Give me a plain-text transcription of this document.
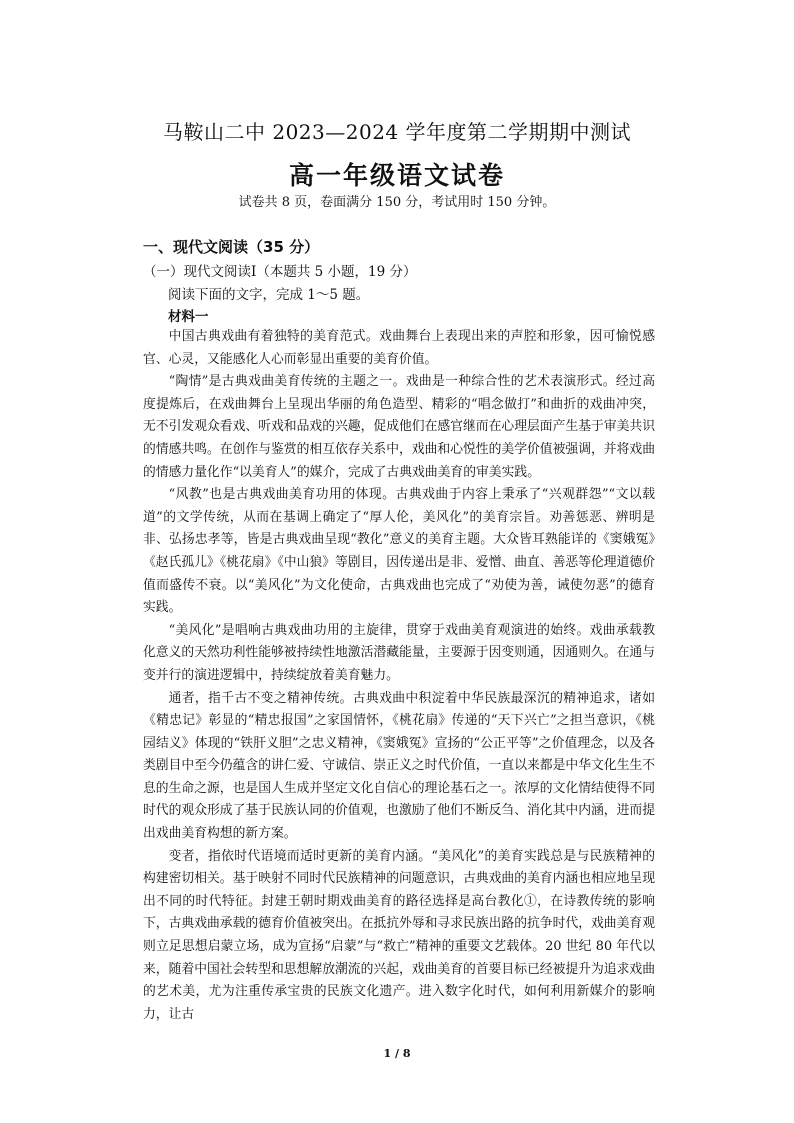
马鞍山二中 2023—2024 学年度第二学期期中测试
高一年级语文试卷
试卷共 8 页，卷面满分 150 分，考试用时 150 分钟。
一、现代文阅读（35 分）
（一）现代文阅读Ⅰ（本题共 5 小题，19 分）
阅读下面的文字，完成 1～5 题。
材料一

中国古典戏曲有着独特的美育范式。戏曲舞台上表现出来的声腔和形象，因可愉悦感官、心灵，又能感化人心而彰显出重要的美育价值。

“陶情”是古典戏曲美育传统的主题之一。戏曲是一种综合性的艺术表演形式。经过高度提炼后，在戏曲舞台上呈现出华丽的角色造型、精彩的“唱念做打”和曲折的戏曲冲突，无不引发观众看戏、听戏和品戏的兴趣，促成他们在感官继而在心理层面产生基于审美共识的情感共鸣。在创作与鉴赏的相互依存关系中，戏曲和心悦性的美学价值被强调，并将戏曲的情感力量化作“以美育人”的媒介，完成了古典戏曲美育的审美实践。

“风教”也是古典戏曲美育功用的体现。古典戏曲于内容上秉承了“兴观群怨”“文以载道”的文学传统，从而在基调上确定了“厚人伦，美风化”的美育宗旨。劝善惩恶、辨明是非、弘扬忠孝等，皆是古典戏曲呈现“教化”意义的美育主题。大众皆耳熟能详的《窦娥冤》《赵氏孤儿》《桃花扇》《中山狼》等剧目，因传递出是非、爱憎、曲直、善恶等伦理道德价值而盛传不衰。以“美风化”为文化使命，古典戏曲也完成了“劝使为善，诫使勿恶”的德育实践。

“美风化”是唱响古典戏曲功用的主旋律，贯穿于戏曲美育观演进的始终。戏曲承载教化意义的天然功利性能够被持续性地激活潜藏能量，主要源于因变则通，因通则久。在通与变并行的演进逻辑中，持续绽放着美育魅力。

通者，指千古不变之精神传统。古典戏曲中积淀着中华民族最深沉的精神追求，诸如《精忠记》彰显的“精忠报国”之家国情怀，《桃花扇》传递的“天下兴亡”之担当意识，《桃园结义》体现的“铁肝义胆”之忠义精神，《窦娥冤》宣扬的“公正平等”之价值理念，以及各类剧目中至今仍蕴含的讲仁爱、守诚信、崇正义之时代价值，一直以来都是中华文化生生不息的生命之源，也是国人生成并坚定文化自信心的理论基石之一。浓厚的文化情结使得不同时代的观众形成了基于民族认同的价值观，也激励了他们不断反刍、消化其中内涵，进而提出戏曲美育构想的新方案。

变者，指依时代语境而适时更新的美育内涵。“美风化”的美育实践总是与民族精神的构建密切相关。基于映射不同时代民族精神的问题意识，古典戏曲的美育内涵也相应地呈现出不同的时代特征。封建王朝时期戏曲美育的路径选择是高台教化①，在诗教传统的影响下，古典戏曲承载的德育价值被突出。在抵抗外辱和寻求民族出路的抗争时代，戏曲美育观则立足思想启蒙立场，成为宣扬“启蒙”与“救亡”精神的重要文艺载体。20 世纪 80 年代以来，随着中国社会转型和思想解放潮流的兴起，戏曲美育的首要目标已经被提升为追求戏曲的艺术美，尤为注重传承宝贵的民族文化遗产。进入数字化时代，如何利用新媒介的影响力，让古

1 / 8
